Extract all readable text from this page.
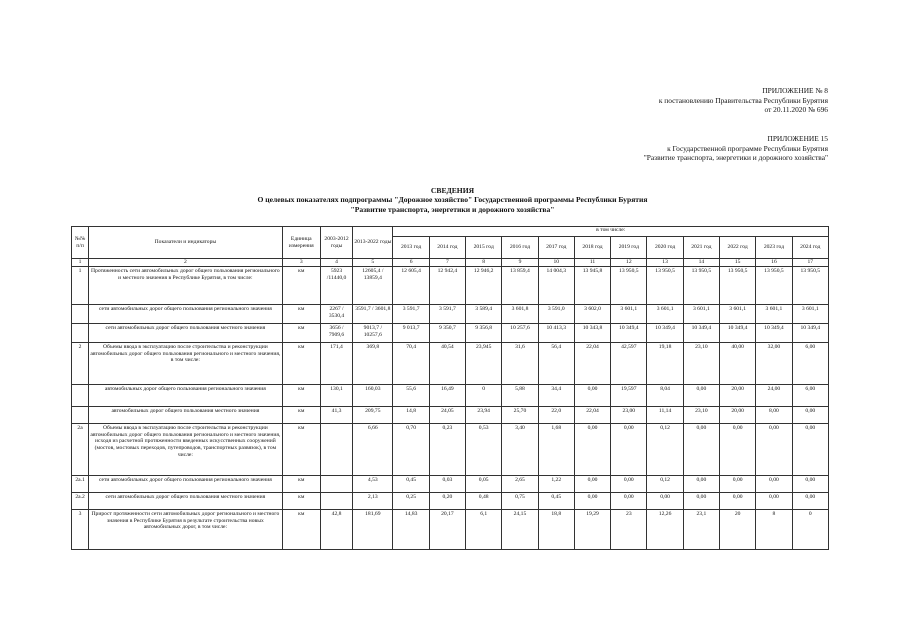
ПРИЛОЖЕНИЕ № 8
к постановлению Правительства Республики Бурятия
от 20.11.2020 № 696
ПРИЛОЖЕНИЕ 15
к Государственной программе Республики Бурятия
"Развитие транспорта, энергетики и дорожного хозяйства"
СВЕДЕНИЯ
О целевых показателях подпрограммы "Дорожное хозяйство" Государственной программы Республики Бурятия
"Развитие транспорта, энергетики и дорожного хозяйства"
№№ п/п	Показатели и индикаторы	Единица измерения	2003-2012 годы	2013-2022 годы	в том числе:											
					2013 год	2014 год	2015 год	2016 год	2017 год	2018 год	2019 год	2020 год	2021 год	2022 год	2023 год	2024 год
1	2	3	4	5	6	7	8	9	10	11	12	13	14	15	16	17
1	Протяженность сети автомобильных дорог общего пользования регионального и местного значения в Республике Бурятия, в том числе:	км	5923 /11440,0	12605,4 / 13859,4	12 605,4	12 942,4	12 946,2	13 859,4	14 004,3	13 945,8	13 950,5	13 950,5	13 950,5	13 950,5	13 950,5	13 950,5
	сети автомобильных дорог общего пользования регионального значения	км	2267 / 3530,4	3591,7 / 3601,8	3 591,7	3 591,7	3 589,4	3 601,8	3 591,0	3 602,0	3 601,1	3 601,1	3 601,1	3 601,1	3 601,1	3 601,1
	сети автомобильных дорог общего пользования местного значения	км	3656 / 7909,6	9013,7 / 10257,6	9 013,7	9 350,7	9 356,8	10 257,6	10 413,3	10 343,8	10 349,4	10 349,4	10 349,4	10 349,4	10 349,4	10 349,4
2	Объемы ввода в эксплуатацию после строительства и реконструкции автомобильных дорог общего пользования регионального и местного значения, в том числе:	км	171,4	369,8	70,4	40,54	23,945	31,6	56,4	22,04	42,597	19,18	23,10	40,00	32,00	6,00
	автомобильных дорог общего пользования регионального значения	км	130,1	160,03	55,6	16,49	0	5,88	34,4	0,00	19,597	8,04	0,00	20,00	24,00	6,00
	автомобильных дорог общего пользования местного значения	км	41,3	209,75	14,8	24,05	23,94	25,70	22,0	22,04	23,00	11,14	23,10	20,00	8,00	0,00
2а	Объемы ввода в эксплуатацию после строительства и реконструкции автомобильных дорог общего пользования регионального и местного значения, исходя из расчетной протяженности введенных искусственных сооружений (мостов, мостовых переходов, путепроводов, транспортных развязок), в том числе:	км		6,66	0,70	0,23	0,53	3,40	1,68	0,00	0,00	0,12	0,00	0,00	0,00	0,00
2а.1	сети автомобильных дорог общего пользования регионального значения	км		4,53	0,45	0,03	0,05	2,65	1,22	0,00	0,00	0,12	0,00	0,00	0,00	0,00
2а.2	сети автомобильных дорог общего пользования местного значения	км		2,13	0,25	0,20	0,48	0,75	0,45	0,00	0,00	0,00	0,00	0,00	0,00	0,00
3	Прирост протяженности сети автомобильных дорог регионального и местного значения в Республике Бурятия в результате строительства новых автомобильных дорог, в том числе:	км	42,8	181,69	14,83	20,17	6,1	24,15	18,8	19,29	23	12,26	23,1	20	8	0
